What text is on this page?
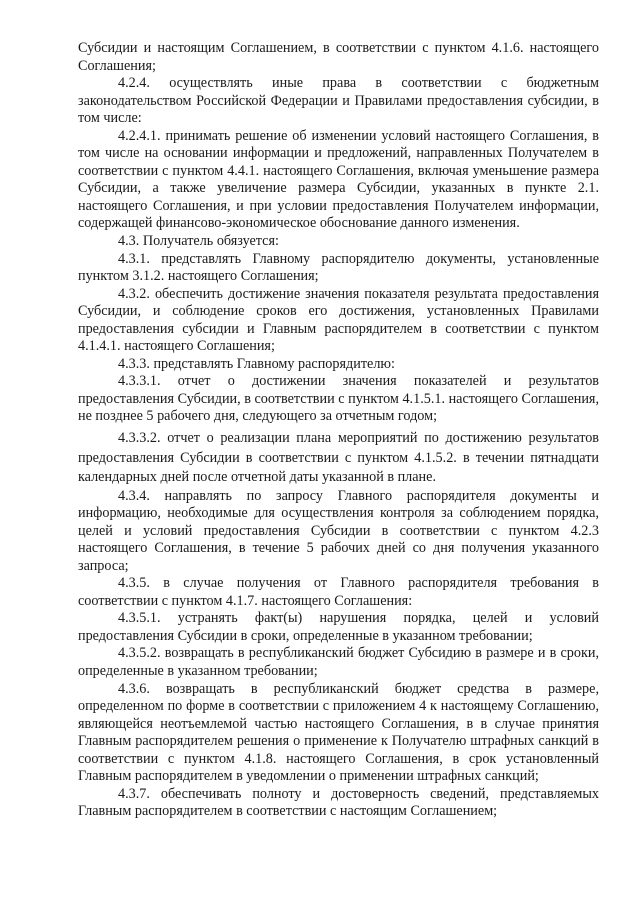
Субсидии и настоящим Соглашением, в соответствии с пунктом 4.1.6. настоящего Соглашения;

4.2.4. осуществлять иные права в соответствии с бюджетным законодательством Российской Федерации и Правилами предоставления субсидии, в том числе:

4.2.4.1. принимать решение об изменении условий настоящего Соглашения, в том числе на основании информации и предложений, направленных Получателем в соответствии с пунктом 4.4.1. настоящего Соглашения, включая уменьшение размера Субсидии, а также увеличение размера Субсидии, указанных в пункте 2.1. настоящего Соглашения, и при условии предоставления Получателем информации, содержащей финансово-экономическое обоснование данного изменения.

4.3. Получатель обязуется:

4.3.1. представлять Главному распорядителю документы, установленные пунктом 3.1.2. настоящего Соглашения;

4.3.2. обеспечить достижение значения показателя результата предоставления Субсидии, и соблюдение сроков его достижения, установленных Правилами предоставления субсидии и Главным распорядителем в соответствии с пунктом 4.1.4.1. настоящего Соглашения;

4.3.3. представлять Главному распорядителю:

4.3.3.1. отчет о достижении значения показателей и результатов предоставления Субсидии, в соответствии с пунктом 4.1.5.1. настоящего Соглашения, не позднее 5 рабочего дня, следующего за отчетным годом;

4.3.3.2. отчет о реализации плана мероприятий по достижению результатов предоставления Субсидии в соответствии с пунктом 4.1.5.2. в течении пятнадцати календарных дней после отчетной даты указанной в плане.

4.3.4. направлять по запросу Главного распорядителя документы и информацию, необходимые для осуществления контроля за соблюдением порядка, целей и условий предоставления Субсидии в соответствии с пунктом 4.2.3 настоящего Соглашения, в течение 5 рабочих дней со дня получения указанного запроса;

4.3.5. в случае получения от Главного распорядителя требования в соответствии с пунктом 4.1.7. настоящего Соглашения:

4.3.5.1. устранять факт(ы) нарушения порядка, целей и условий предоставления Субсидии в сроки, определенные в указанном требовании;

4.3.5.2. возвращать в республиканский бюджет Субсидию в размере и в сроки, определенные в указанном требовании;

4.3.6. возвращать в республиканский бюджет средства в размере, определенном по форме в соответствии с приложением 4 к настоящему Соглашению, являющейся неотъемлемой частью настоящего Соглашения, в в случае принятия Главным распорядителем решения о применение к Получателю штрафных санкций в соответствии с пунктом 4.1.8. настоящего Соглашения, в срок установленный Главным распорядителем в уведомлении о применении штрафных санкций;

4.3.7. обеспечивать полноту и достоверность сведений, представляемых Главным распорядителем в соответствии с настоящим Соглашением;
